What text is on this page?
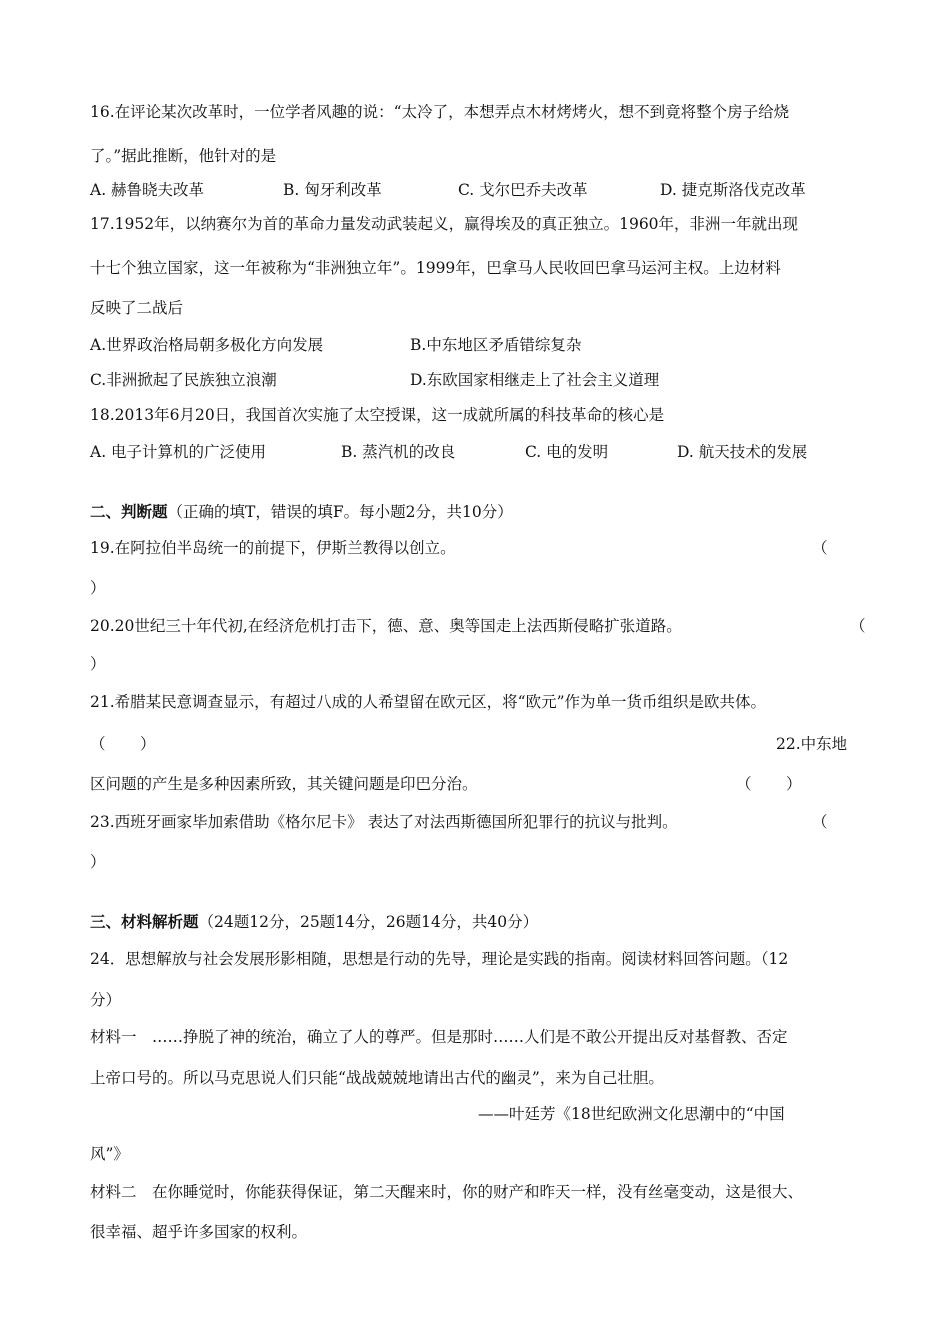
16.在评论某次改革时，一位学者风趣的说：“太冷了，本想弄点木材烤烤火，想不到竟将整个房子给烧
了。”据此推断，他针对的是
A. 赫鲁晓夫改革	B. 匈牙利改革	C. 戈尔巴乔夫改革	D. 捷克斯洛伐克改革
17.1952年，以纳赛尔为首的革命力量发动武装起义，赢得埃及的真正独立。1960年，非洲一年就出现
十七个独立国家，这一年被称为“非洲独立年”。1999年，巴拿马人民收回巴拿马运河主权。上边材料
反映了二战后
A.世界政治格局朝多极化方向发展	B.中东地区矛盾错综复杂
C.非洲掀起了民族独立浪潮	D.东欧国家相继走上了社会主义道理
18.2013年6月20日，我国首次实施了太空授课，这一成就所属的科技革命的核心是
A. 电子计算机的广泛使用	B. 蒸汽机的改良	C. 电的发明	D. 航天技术的发展
二、判断题（正确的填T，错误的填F。每小题2分，共10分）
19.在阿拉伯半岛统一的前提下，伊斯兰教得以创立。	（
）
20.20世纪三十年代初,在经济危机打击下，德、意、奥等国走上法西斯侵略扩张道路。	（
）
21.希腊某民意调查显示，有超过八成的人希望留在欧元区，将“欧元”作为单一货币组织是欧共体。
（       ）	22.中东地
区问题的产生是多种因素所致，其关键问题是印巴分治。	（       ）
23.西班牙画家毕加索借助《格尔尼卡》 表达了对法西斯德国所犯罪行的抗议与批判。	（
）
三、材料解析题（24题12分，25题14分，26题14分，共40分）
24．思想解放与社会发展形影相随，思想是行动的先导，理论是实践的指南。阅读材料回答问题。（12
分）
材料一　……挣脱了神的统治，确立了人的尊严。但是那时……人们是不敢公开提出反对基督教、否定
上帝口号的。所以马克思说人们只能“战战兢兢地请出古代的幽灵”，来为自己壮胆。
——叶廷芳《18世纪欧洲文化思潮中的“中国
风”》
材料二　在你睡觉时，你能获得保证，第二天醒来时，你的财产和昨天一样，没有丝毫变动，这是很大、
很幸福、超乎许多国家的权利。
